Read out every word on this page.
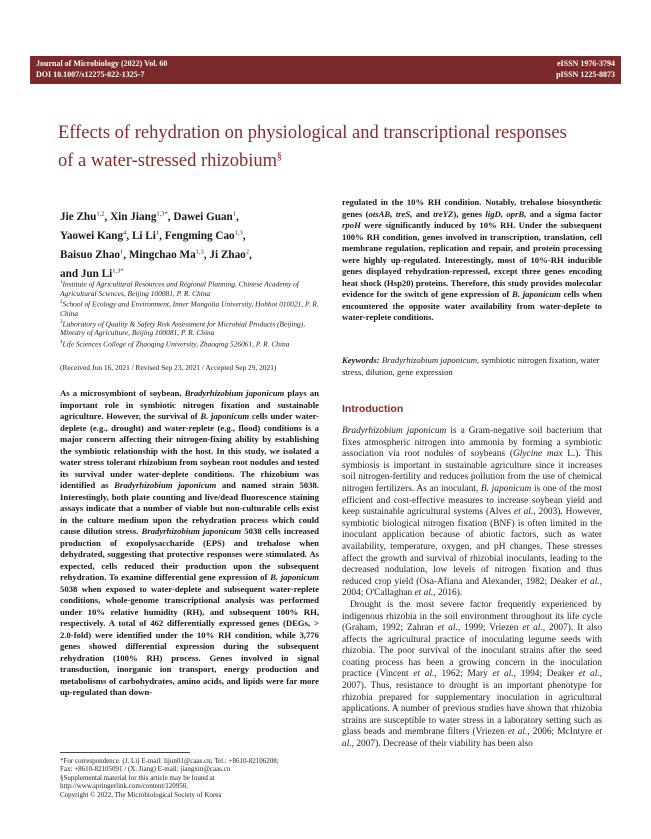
Journal of Microbiology (2022) Vol. 60
DOI 10.1007/s12275-022-1325-7
eISSN 1976-3794
pISSN 1225-8873
Effects of rehydration on physiological and transcriptional responses
of a water-stressed rhizobium§
Jie Zhu$^{1,2}$, Xin Jiang$^{1,3*}$, Dawei Guan$^1$,
Yaowei Kang$^4$, Li Li$^1$, Fengming Cao$^{1,3}$,
Baisuo Zhao$^1$, Mingchao Ma$^{1,3}$, Ji Zhao$^2$,
and Jun $Li^{1,3*}$
$^1$Institute of Agricultural Resources and Regional Planning, Chinese Academy of Agricultural Sciences, Beijing 100081, P. R. China
$^2$School of Ecology and Environment, Inner Mongolia University, Hohhot 010021, P. R. China
$^3$Laboratory of Quality & Safety Risk Assessment for Microbial Products (Beijing), Ministry of Agriculture, Beijing 100081, P. R. China
$^4$Life Sciences College of Zhaoqing University, Zhaoqing 526061, P. R. China
(Received Jun 16, 2021 / Revised Sep 23, 2021 / Accepted Sep 29, 2021)
As a microsymbiont of soybean, Bradyrhizobium japonicum plays an important role in symbiotic nitrogen fixation and sustainable agriculture. However, the survival of B. japonicum cells under water-deplete (e.g., drought) and water-replete (e.g., flood) conditions is a major concern affecting their nitrogen-fixing ability by establishing the symbiotic relationship with the host. In this study, we isolated a water stress tolerant rhizobium from soybean root nodules and tested its survival under water-deplete conditions. The rhizobium was identified as Bradyrhizobium japonicum and named strain 5038. Interestingly, both plate counting and live/dead fluorescence staining assays indicate that a number of viable but non-culturable cells exist in the culture medium upon the rehydration process which could cause dilution stress. Bradyrhizobium japonicum 5038 cells increased production of exopolysaccharide (EPS) and trehalose when dehydrated, suggesting that protective responses were stimulated. As expected, cells reduced their production upon the subsequent rehydration. To examine differential gene expression of B. japonicum 5038 when exposed to water-deplete and subsequent water-replete conditions, whole-genome transcriptional analysis was performed under 10% relative humidity (RH), and subsequent 100% RH, respectively. A total of 462 differentially expressed genes (DEGs, > 2.0-fold) were identified under the 10% RH condition, while 3,776 genes showed differential expression during the subsequent rehydration (100% RH) process. Genes involved in signal transduction, inorganic ion transport, energy production and metabolisms of carbohydrates, amino acids, and lipids were far more up-regulated than down-
regulated in the 10% RH condition. Notably, trehalose biosynthetic genes (otsAB, treS, and treYZ), genes ligD, oprB, and a sigma factor rpoH were significantly induced by 10% RH. Under the subsequent 100% RH condition, genes involved in transcription, translation, cell membrane regulation, replication and repair, and protein processing were highly up-regulated. Interestingly, most of 10%-RH inducible genes displayed rehydration-repressed, except three genes encoding heat shock (Hsp20) proteins. Therefore, this study provides molecular evidence for the switch of gene expression of B. japonicum cells when encountered the opposite water availability from water-deplete to water-replete conditions.
Keywords: Bradyrhizobium japonicum, symbiotic nitrogen fixation, water stress, dilution, gene expression
Introduction

Bradyrhizobium japonicum is a Gram-negative soil bacterium that fixes atmospheric nitrogen into ammonia by forming a symbiotic association via root nodules of soybeans (Glycine max L.). This symbiosis is important in sustainable agriculture since it increases soil nitrogen-fertility and reduces pollution from the use of chemical nitrogen fertilizers. As an inoculant, B. japonicum is one of the most efficient and cost-effective measures to increase soybean yield and keep sustainable agricultural systems (Alves et al., 2003). However, symbiotic biological nitrogen fixation (BNF) is often limited in the inoculant application because of abiotic factors, such as water availability, temperature, oxygen, and pH changes. These stresses affect the growth and survival of rhizobial inoculants, leading to the decreased nodulation, low levels of nitrogen fixation and thus reduced crop yield (Osa-Afiana and Alexander, 1982; Deaker et al., 2004; O'Callaghan et al., 2016).

Drought is the most severe factor frequently experienced by indigenous rhizobia in the soil environment throughout its life cycle (Graham, 1992; Zahran et al., 1999; Vriezen et al., 2007). It also affects the agricultural practice of inoculating legume seeds with rhizobia. The poor survival of the inoculant strains after the seed coating process has been a growing concern in the inoculation practice (Vincent et al., 1962; Mary et al., 1994; Deaker et al., 2007). Thus, resistance to drought is an important phenotype for rhizobia prepared for supplementary inoculation in agricultural applications. A number of previous studies have shown that rhizobia strains are susceptible to water stress in a laboratory setting such as glass beads and membrane filters (Vriezen et al., 2006; McIntyre et al., 2007). Decrease of their viability has been also

*For correspondence. (J. Li) E-mail: lijun01@caas.cn; Tel.: +8610-82106208;
Fax: +8610-82105091 / (X. Jiang) E-mail: jiangxin@caas.cn
§Supplemental material for this article may be found at
http://www.springerlink.com/content/120956.
Copyright © 2022, The Microbiological Society of Korea
